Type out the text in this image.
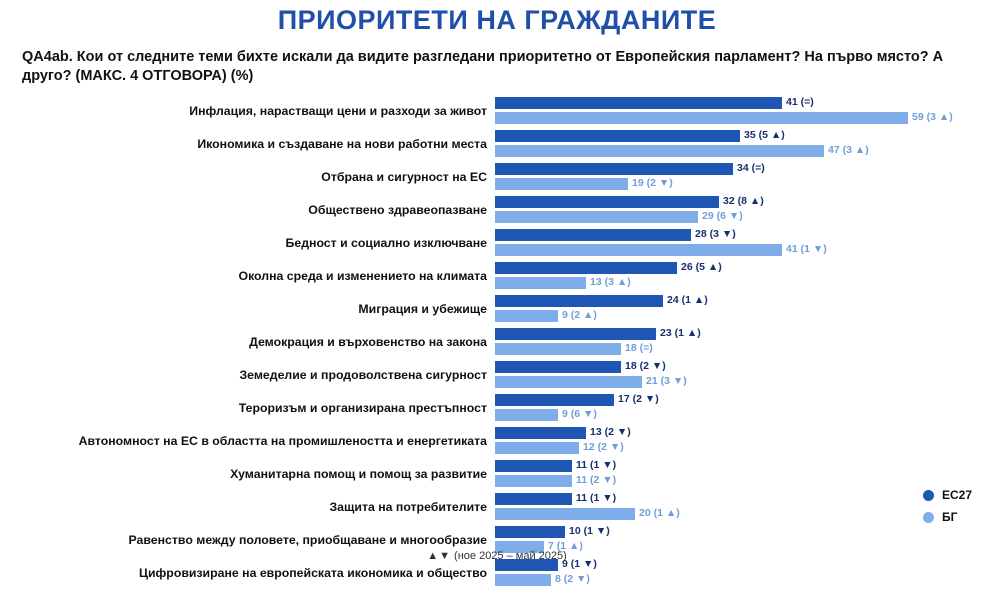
ПРИОРИТЕТИ НА ГРАЖДАНИТЕ
QA4ab. Кои от следните теми бихте искали да видите разгледани приоритетно от Европейския парламент? На първо място? А друго? (МАКС. 4 ОТГОВОРА) (%)
Инфлация, нарастващи цени и разходи за живот
41 (=)
59 (3 ▲)
Икономика и създаване на нови работни места
35 (5 ▲)
47 (3 ▲)
Отбрана и сигурност на ЕС
34 (=)
19 (2 ▼)
Обществено здравеопазване
32 (8 ▲)
29 (6 ▼)
Бедност и социално изключване
28 (3 ▼)
41 (1 ▼)
Околна среда и изменението на климата
26 (5 ▲)
13 (3 ▲)
Миграция и убежище
24 (1 ▲)
9 (2 ▲)
Демокрация и върховенство на закона
23 (1 ▲)
18 (=)
Земеделие и продоволствена сигурност
18 (2 ▼)
21 (3 ▼)
Тероризъм и организирана престъпност
17 (2 ▼)
9 (6 ▼)
Автономност на ЕС в областта на промишлеността и енергетиката
13 (2 ▼)
12 (2 ▼)
Хуманитарна помощ и помощ за развитие
11 (1 ▼)
11 (2 ▼)
Защита на потребителите
11 (1 ▼)
20 (1 ▲)
Равенство между половете, приобщаване и многообразие
10 (1 ▼)
7 (1 ▲)
Цифровизиране на европейската икономика и общество
9 (1 ▼)
8 (2 ▼)
ЕС27
БГ
▲▼ (ное 2025 – май 2025)
